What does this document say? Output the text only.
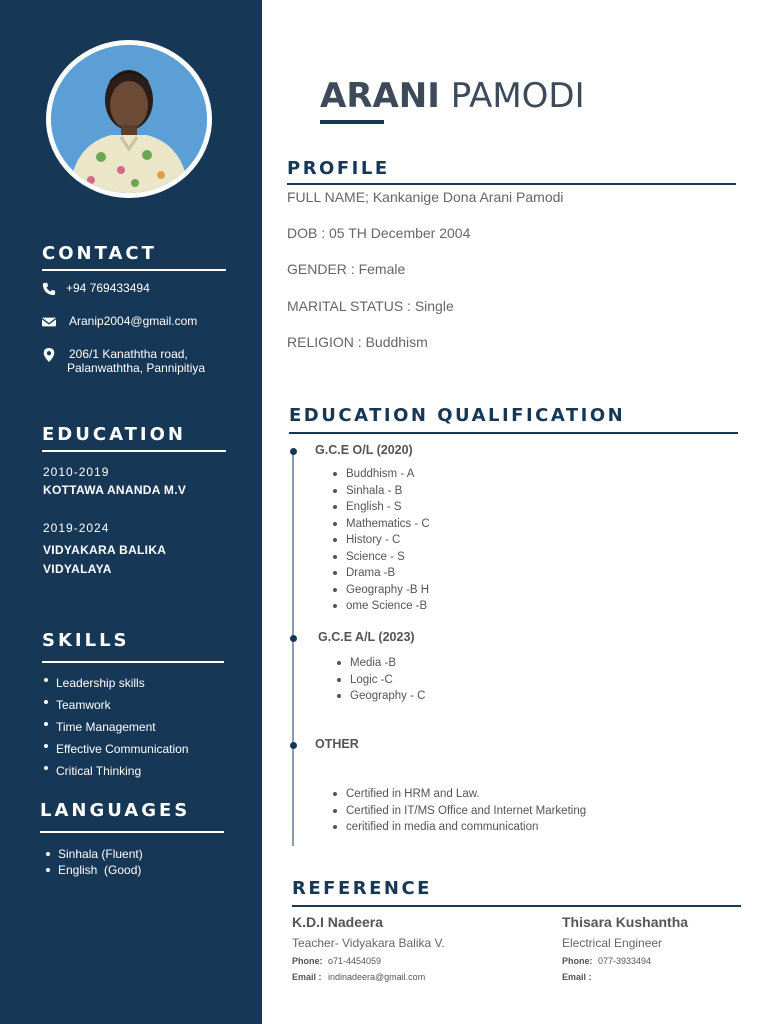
CONTACT
+94 769433494
Aranip2004@gmail.com
206/1 Kanaththa road,
Palanwaththa, Pannipitiya
EDUCATION
2010-2019
KOTTAWA ANANDA M.V
2019-2024
VIDYAKARA BALIKA
VIDYALAYA
SKILLS
Leadership skills
Teamwork
Time Management
Effective Communication
Critical Thinking
LANGUAGES
Sinhala (Fluent)
English  (Good)
ARANI PAMODI
PROFILE
FULL NAME; Kankanige Dona Arani Pamodi
DOB : 05 TH December 2004
GENDER : Female
MARITAL STATUS : Single
RELIGION : Buddhism
EDUCATION QUALIFICATION
G.C.E O/L (2020)
Buddhism - A
Sinhala - B
English - S
Mathematics - C
History - C
Science - S
Drama -B
Geography -B H
ome Science -B
G.C.E A/L (2023)
Media -B
Logic -C
Geography - C
OTHER
Certified in HRM and Law.
Certified in IT/MS Office and Internet Marketing
ceritified in media and communication
REFERENCE
K.D.I Nadeera
Teacher- Vidyakara Balika V.
Phone: o71-4454059
Email : indinadeera@gmail.com
Thisara Kushantha
Electrical Engineer
Phone: 077-3933494
Email :
